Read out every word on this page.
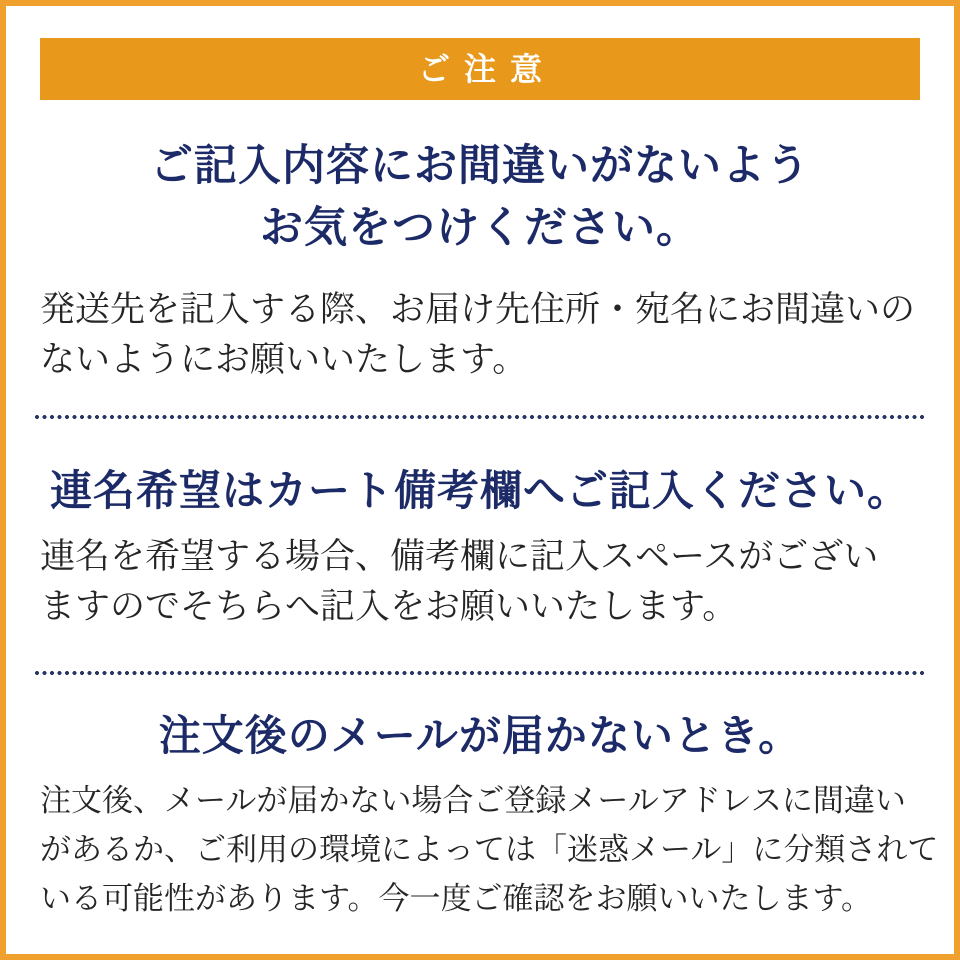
ご注意
ご記入内容にお間違いがないよう
お気をつけください。

発送先を記入する際、お届け先住所・宛名にお間違いの
ないようにお願いいたします。

連名希望はカート備考欄へご記入ください。

連名を希望する場合、備考欄に記入スペースがござい
ますのでそちらへ記入をお願いいたします。

注文後のメールが届かないとき。

注文後、メールが届かない場合ご登録メールアドレスに間違い
があるか、ご利用の環境によっては「迷惑メール」に分類されて
いる可能性があります。今一度ご確認をお願いいたします。
